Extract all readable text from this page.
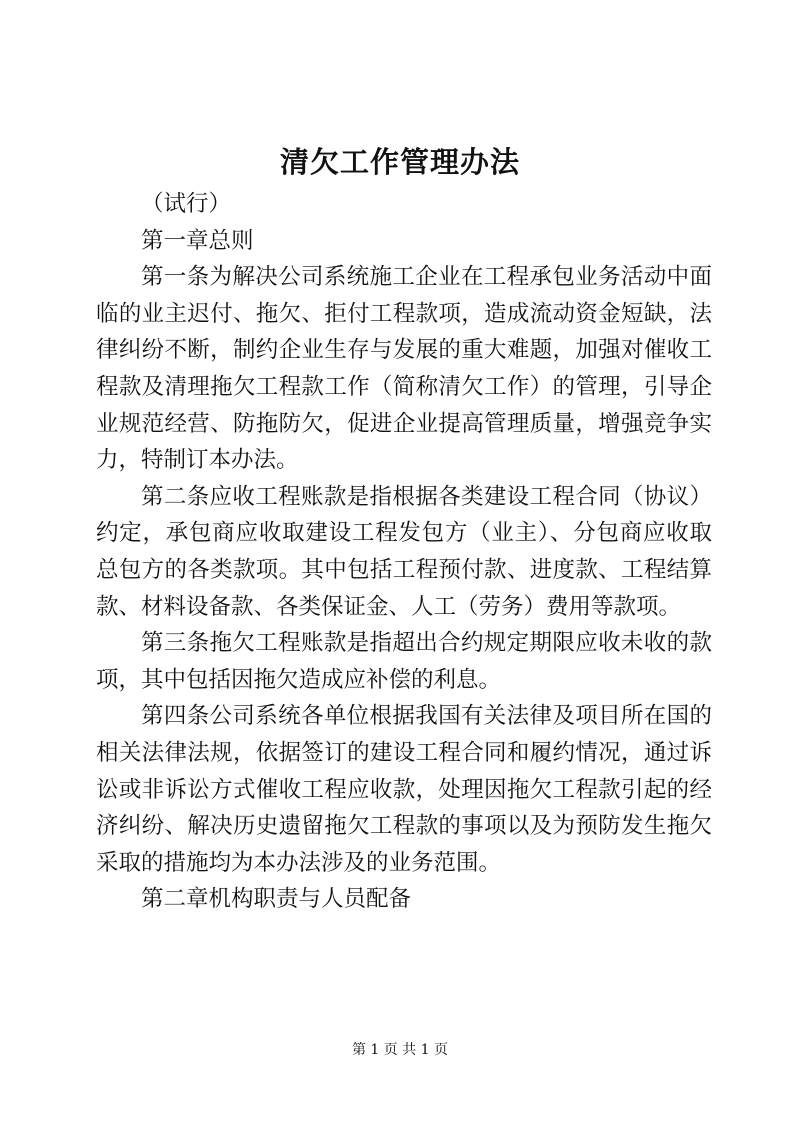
清欠工作管理办法

（试行）

第一章总则

第一条为解决公司系统施工企业在工程承包业务活动中面临的业主迟付、拖欠、拒付工程款项，造成流动资金短缺，法律纠纷不断，制约企业生存与发展的重大难题，加强对催收工程款及清理拖欠工程款工作（简称清欠工作）的管理，引导企业规范经营、防拖防欠，促进企业提高管理质量，增强竞争实力，特制订本办法。

第二条应收工程账款是指根据各类建设工程合同（协议）约定，承包商应收取建设工程发包方（业主）、分包商应收取总包方的各类款项。其中包括工程预付款、进度款、工程结算款、材料设备款、各类保证金、人工（劳务）费用等款项。

第三条拖欠工程账款是指超出合约规定期限应收未收的款项，其中包括因拖欠造成应补偿的利息。

第四条公司系统各单位根据我国有关法律及项目所在国的相关法律法规，依据签订的建设工程合同和履约情况，通过诉讼或非诉讼方式催收工程应收款，处理因拖欠工程款引起的经济纠纷、解决历史遗留拖欠工程款的事项以及为预防发生拖欠采取的措施均为本办法涉及的业务范围。

第二章机构职责与人员配备

第 1 页 共 1 页
